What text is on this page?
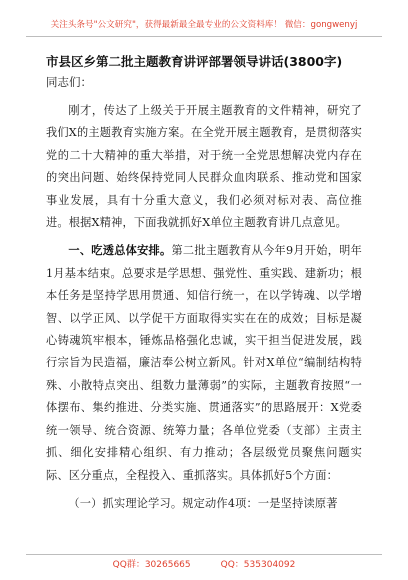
关注头条号"公文研究"，获得最新最全最专业的公文资料库！ 微信：gongwenyj
市县区乡第二批主题教育讲评部署领导讲话(3800字)

同志们：

刚才，传达了上级关于开展主题教育的文件精神，研究了我们X的主题教育实施方案。在全党开展主题教育，是贯彻落实党的二十大精神的重大举措，对于统一全党思想解决党内存在的突出问题、始终保持党同人民群众血肉联系、推动党和国家事业发展，具有十分重大意义，我们必须对标对表、高位推进。根据X精神，下面我就抓好X单位主题教育讲几点意见。

一、吃透总体安排。第二批主题教育从今年9月开始，明年1月基本结束。总要求是学思想、强党性、重实践、建新功；根本任务是坚持学思用贯通、知信行统一，在以学铸魂、以学增智、以学正风、以学促干方面取得实实在在的成效；目标是凝心铸魂筑牢根本，锤炼品格强化忠诚，实干担当促进发展，践行宗旨为民造福，廉洁奉公树立新风。针对X单位“编制结构特殊、小散特点突出、组数力量薄弱”的实际，主题教育按照“一体摆布、集约推进、分类实施、贯通落实”的思路展开：X党委统一领导、统合资源、统筹力量；各单位党委（支部）主责主抓、细化安排精心组织、有力推动；各层级党员聚焦问题实际、区分重点，全程投入、重抓落实。具体抓好5个方面：

（一）抓实理论学习。规定动作4项：一是坚持读原著

QQ群：30265665	QQ：535304092
